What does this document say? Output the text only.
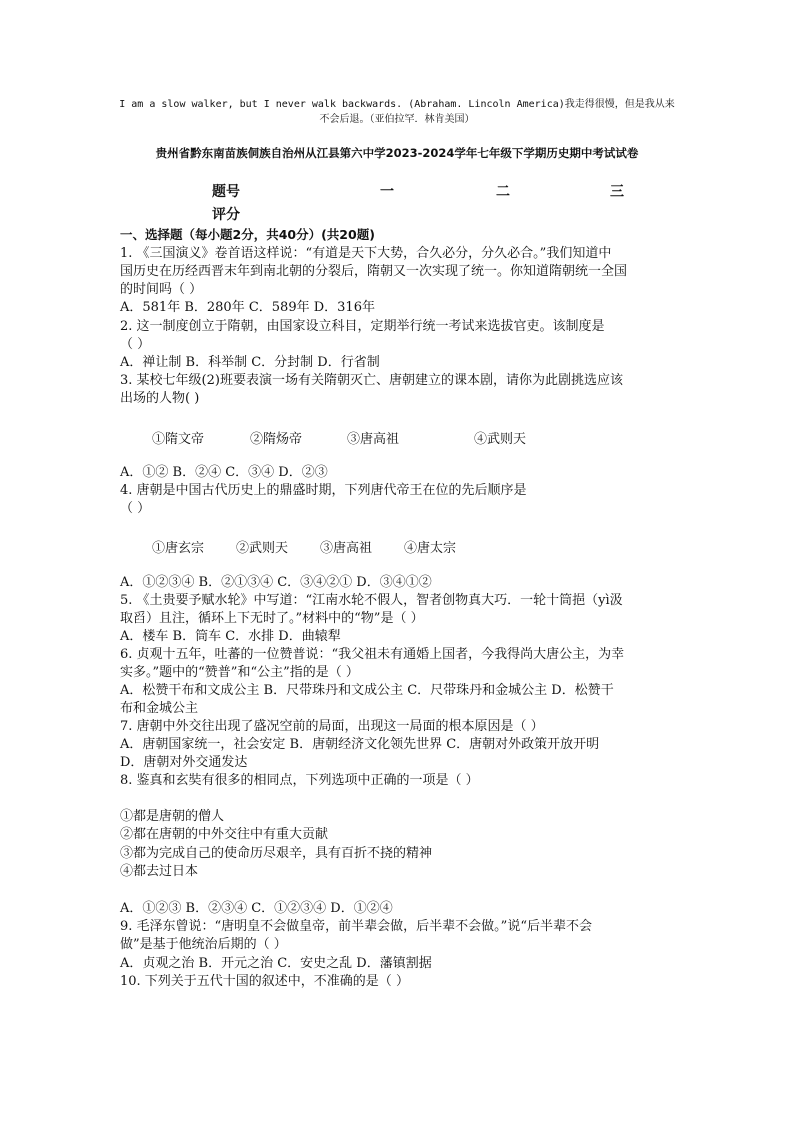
I am a slow walker, but I never walk backwards. (Abraham. Lincoln America)我走得很慢，但是我从来
不会后退。（亚伯拉罕．林肯美国）
贵州省黔东南苗族侗族自治州从江县第六中学2023-2024学年七年级下学期历史期中考试试卷
题号	一	二	三
评分
一、选择题（每小题2分，共40分）(共20题)
1. 《三国演义》卷首语这样说：“有道是天下大势，合久必分，分久必合。”我们知道中
国历史在历经西晋末年到南北朝的分裂后，隋朝又一次实现了统一。你知道隋朝统一全国
的时间吗（ ）
A．581年 B．280年 C．589年 D．316年
2. 这一制度创立于隋朝，由国家设立科目，定期举行统一考试来选拔官吏。该制度是
（ ）
A．禅让制 B．科举制 C．分封制 D．行省制
3. 某校七年级(2)班要表演一场有关隋朝灭亡、唐朝建立的课本剧，请你为此剧挑选应该
出场的人物( )
①隋文帝	②隋炀帝	③唐高祖	④武则天
A．①② B．②④ C．③④ D．②③
4. 唐朝是中国古代历史上的鼎盛时期，下列唐代帝王在位的先后顺序是
（ ）
①唐玄宗 ②武则天 ③唐高祖 ④唐太宗
A．①②③④ B．②①③④ C．③④②① D．③④①②
5. 《土贵要予赋水轮》中写道：“江南水轮不假人，智者创物真大巧．一轮十筒挹（yì汲
取舀）且注，循环上下无时了。”材料中的“物”是（ ）
A．楼车 B．筒车 C．水排 D．曲辕犁
6. 贞观十五年，吐蕃的一位赞普说：“我父祖未有通婚上国者，今我得尚大唐公主，为幸
实多。”题中的“赞普”和“公主”指的是（ ）
A．松赞干布和文成公主 B．尺带珠丹和文成公主 C．尺带珠丹和金城公主 D．松赞干
布和金城公主
7. 唐朝中外交往出现了盛况空前的局面，出现这一局面的根本原因是（ ）
A．唐朝国家统一，社会安定 B．唐朝经济文化领先世界 C．唐朝对外政策开放开明
D．唐朝对外交通发达
8. 鉴真和玄奘有很多的相同点，下列选项中正确的一项是（ ）
①都是唐朝的僧人
②都在唐朝的中外交往中有重大贡献
③都为完成自己的使命历尽艰辛，具有百折不挠的精神
④都去过日本
A．①②③ B．②③④ C．①②③④ D．①②④
9. 毛泽东曾说：“唐明皇不会做皇帝，前半辈会做，后半辈不会做。”说“后半辈不会
做”是基于他统治后期的（ ）
A．贞观之治 B．开元之治 C．安史之乱 D．藩镇割据
10. 下列关于五代十国的叙述中，不准确的是（ ）
